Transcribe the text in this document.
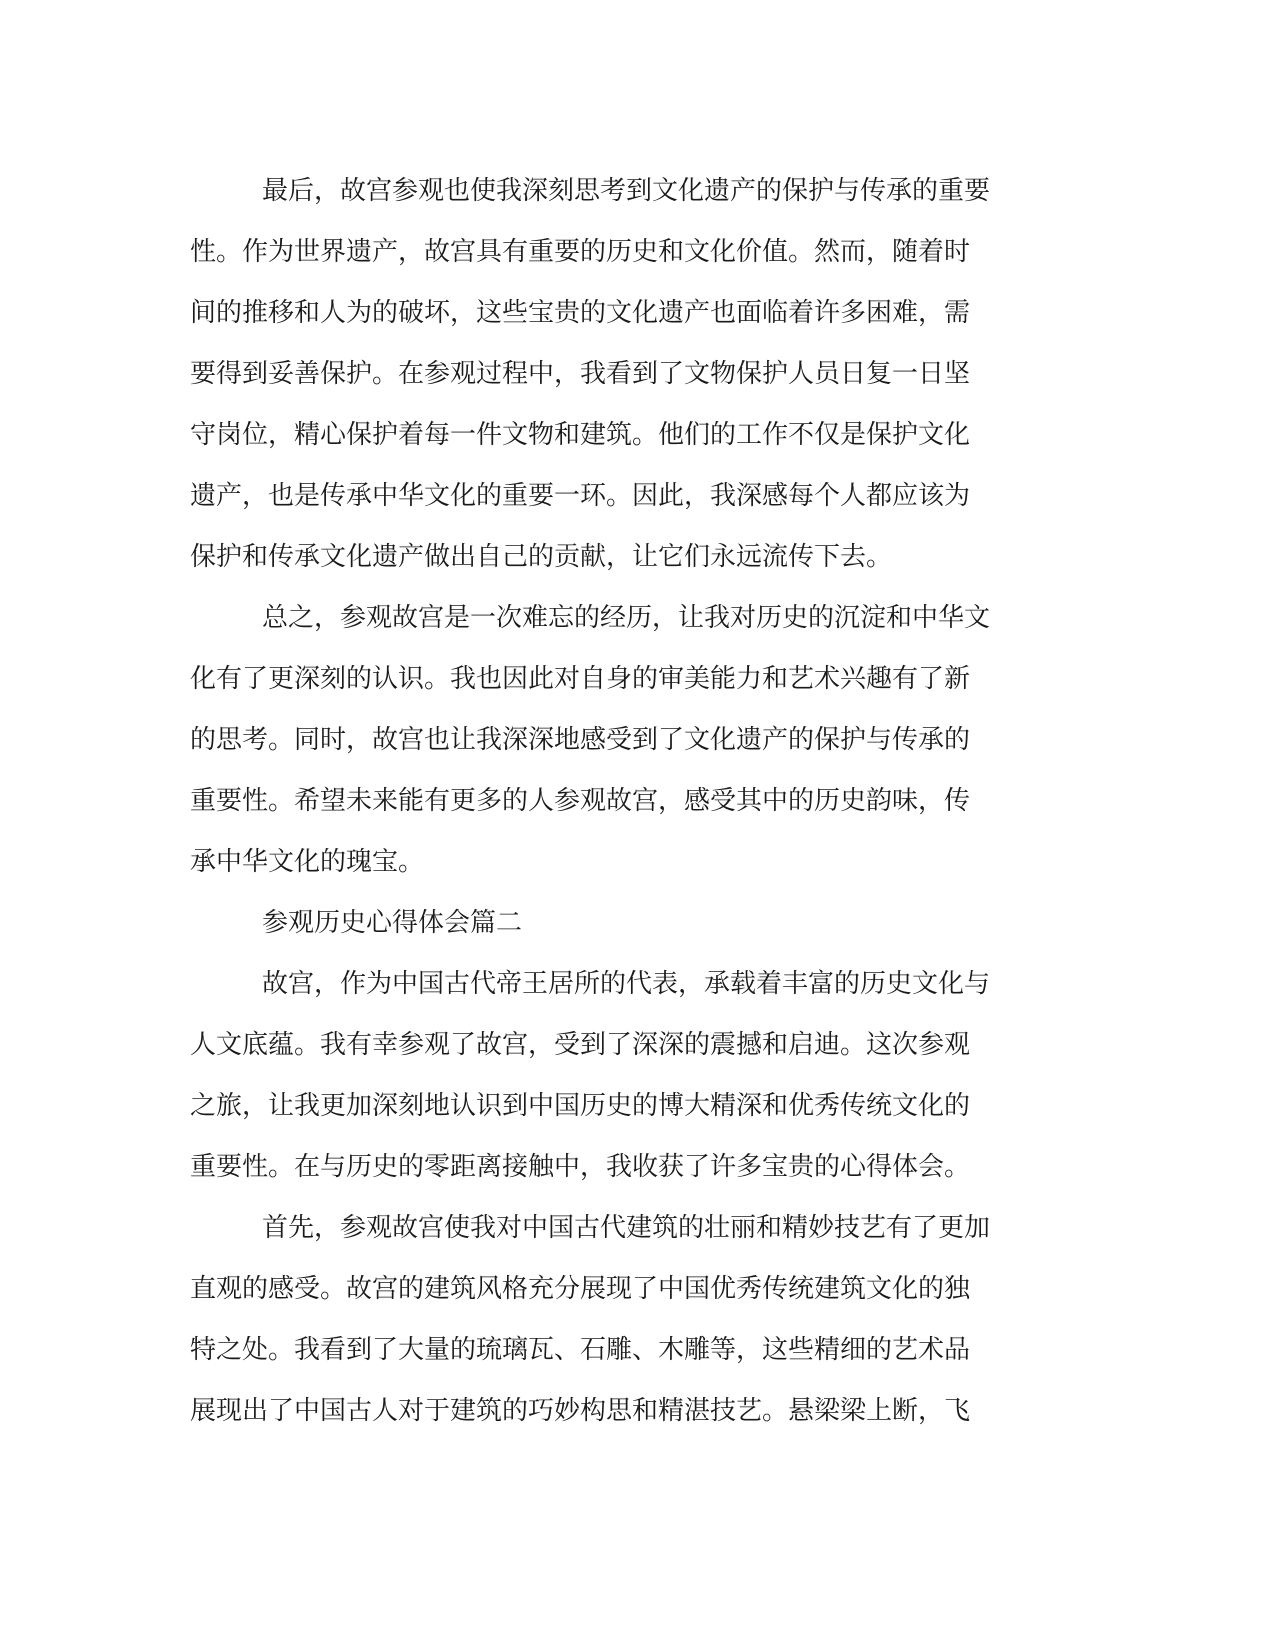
最后，故宫参观也使我深刻思考到文化遗产的保护与传承的重要
性。作为世界遗产，故宫具有重要的历史和文化价值。然而，随着时
间的推移和人为的破坏，这些宝贵的文化遗产也面临着许多困难，需
要得到妥善保护。在参观过程中，我看到了文物保护人员日复一日坚
守岗位，精心保护着每一件文物和建筑。他们的工作不仅是保护文化
遗产，也是传承中华文化的重要一环。因此，我深感每个人都应该为
保护和传承文化遗产做出自己的贡献，让它们永远流传下去。
总之，参观故宫是一次难忘的经历，让我对历史的沉淀和中华文
化有了更深刻的认识。我也因此对自身的审美能力和艺术兴趣有了新
的思考。同时，故宫也让我深深地感受到了文化遗产的保护与传承的
重要性。希望未来能有更多的人参观故宫，感受其中的历史韵味，传
承中华文化的瑰宝。
参观历史心得体会篇二
故宫，作为中国古代帝王居所的代表，承载着丰富的历史文化与
人文底蕴。我有幸参观了故宫，受到了深深的震撼和启迪。这次参观
之旅，让我更加深刻地认识到中国历史的博大精深和优秀传统文化的
重要性。在与历史的零距离接触中，我收获了许多宝贵的心得体会。
首先，参观故宫使我对中国古代建筑的壮丽和精妙技艺有了更加
直观的感受。故宫的建筑风格充分展现了中国优秀传统建筑文化的独
特之处。我看到了大量的琉璃瓦、石雕、木雕等，这些精细的艺术品
展现出了中国古人对于建筑的巧妙构思和精湛技艺。悬梁梁上断，飞
